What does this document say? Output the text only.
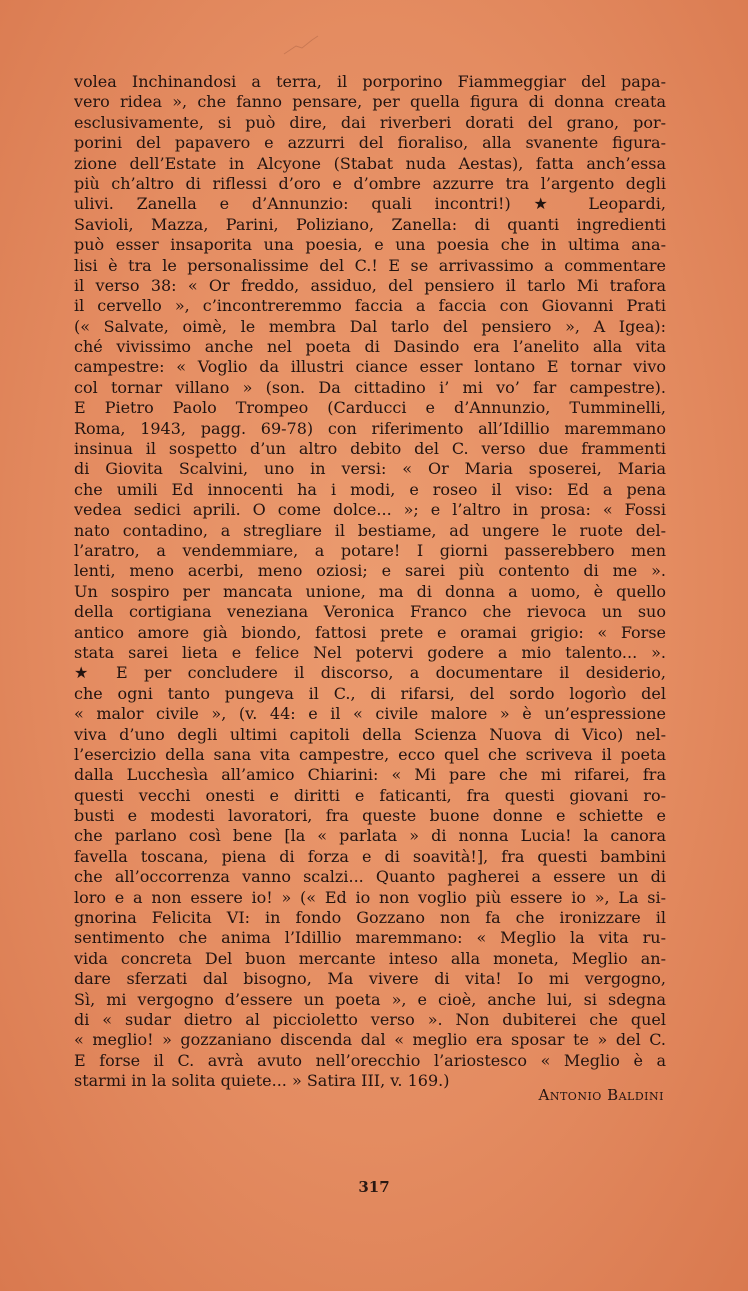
volea Inchinandosi a terra, il porporino Fiammeggiar del papa-
vero ridea », che fanno pensare, per quella figura di donna creata
esclusivamente, si può dire, dai riverberi dorati del grano, por-
porini del papavero e azzurri del fioraliso, alla svanente figura-
zione dell’Estate in Alcyone (Stabat nuda Aestas), fatta anch’essa
più ch’altro di riflessi d’oro e d’ombre azzurre tra l’argento degli
ulivi. Zanella e d’Annunzio: quali incontri!) ★ Leopardi,
Savioli, Mazza, Parini, Poliziano, Zanella: di quanti ingredienti
può esser insaporita una poesia, e una poesia che in ultima ana-
lisi è tra le personalissime del C.! E se arrivassimo a commentare
il verso 38: « Or freddo, assiduo, del pensiero il tarlo Mi trafora
il cervello », c’incontreremmo faccia a faccia con Giovanni Prati
(« Salvate, oimè, le membra Dal tarlo del pensiero », A Igea):
ché vivissimo anche nel poeta di Dasindo era l’anelito alla vita
campestre: « Voglio da illustri ciance esser lontano E tornar vivo
col tornar villano » (son. Da cittadino i’ mi vo’ far campestre).
E Pietro Paolo Trompeo (Carducci e d’Annunzio, Tumminelli,
Roma, 1943, pagg. 69-78) con riferimento all’Idillio maremmano
insinua il sospetto d’un altro debito del C. verso due frammenti
di Giovita Scalvini, uno in versi: « Or Maria sposerei, Maria
che umili Ed innocenti ha i modi, e roseo il viso: Ed a pena
vedea sedici aprili. O come dolce... »; e l’altro in prosa: « Fossi
nato contadino, a stregliare il bestiame, ad ungere le ruote del-
l’aratro, a vendemmiare, a potare! I giorni passerebbero men
lenti, meno acerbi, meno oziosi; e sarei più contento di me ».
Un sospiro per mancata unione, ma di donna a uomo, è quello
della cortigiana veneziana Veronica Franco che rievoca un suo
antico amore già biondo, fattosi prete e oramai grigio: « Forse
stata sarei lieta e felice Nel potervi godere a mio talento... ».
★ E per concludere il discorso, a documentare il desiderio,
che ogni tanto pungeva il C., di rifarsi, del sordo logorìo del
« malor civile », (v. 44: e il « civile malore » è un’espressione
viva d’uno degli ultimi capitoli della Scienza Nuova di Vico) nel-
l’esercizio della sana vita campestre, ecco quel che scriveva il poeta
dalla Lucchesìa all’amico Chiarini: « Mi pare che mi rifarei, fra
questi vecchi onesti e diritti e faticanti, fra questi giovani ro-
busti e modesti lavoratori, fra queste buone donne e schiette e
che parlano così bene [la « parlata » di nonna Lucia! la canora
favella toscana, piena di forza e di soavità!], fra questi bambini
che all’occorrenza vanno scalzi... Quanto pagherei a essere un di
loro e a non essere io! » (« Ed io non voglio più essere io », La si-
gnorina Felicita VI: in fondo Gozzano non fa che ironizzare il
sentimento che anima l’Idillio maremmano: « Meglio la vita ru-
vida concreta Del buon mercante inteso alla moneta, Meglio an-
dare sferzati dal bisogno, Ma vivere di vita! Io mi vergogno,
Sì, mi vergogno d’essere un poeta », e cioè, anche lui, si sdegna
di « sudar dietro al piccioletto verso ». Non dubiterei che quel
« meglio! » gozzaniano discenda dal « meglio era sposar te » del C.
E forse il C. avrà avuto nell’orecchio l’ariostesco « Meglio è a
starmi in la solita quiete... » Satira III, v. 169.)
Antonio Baldini
317
